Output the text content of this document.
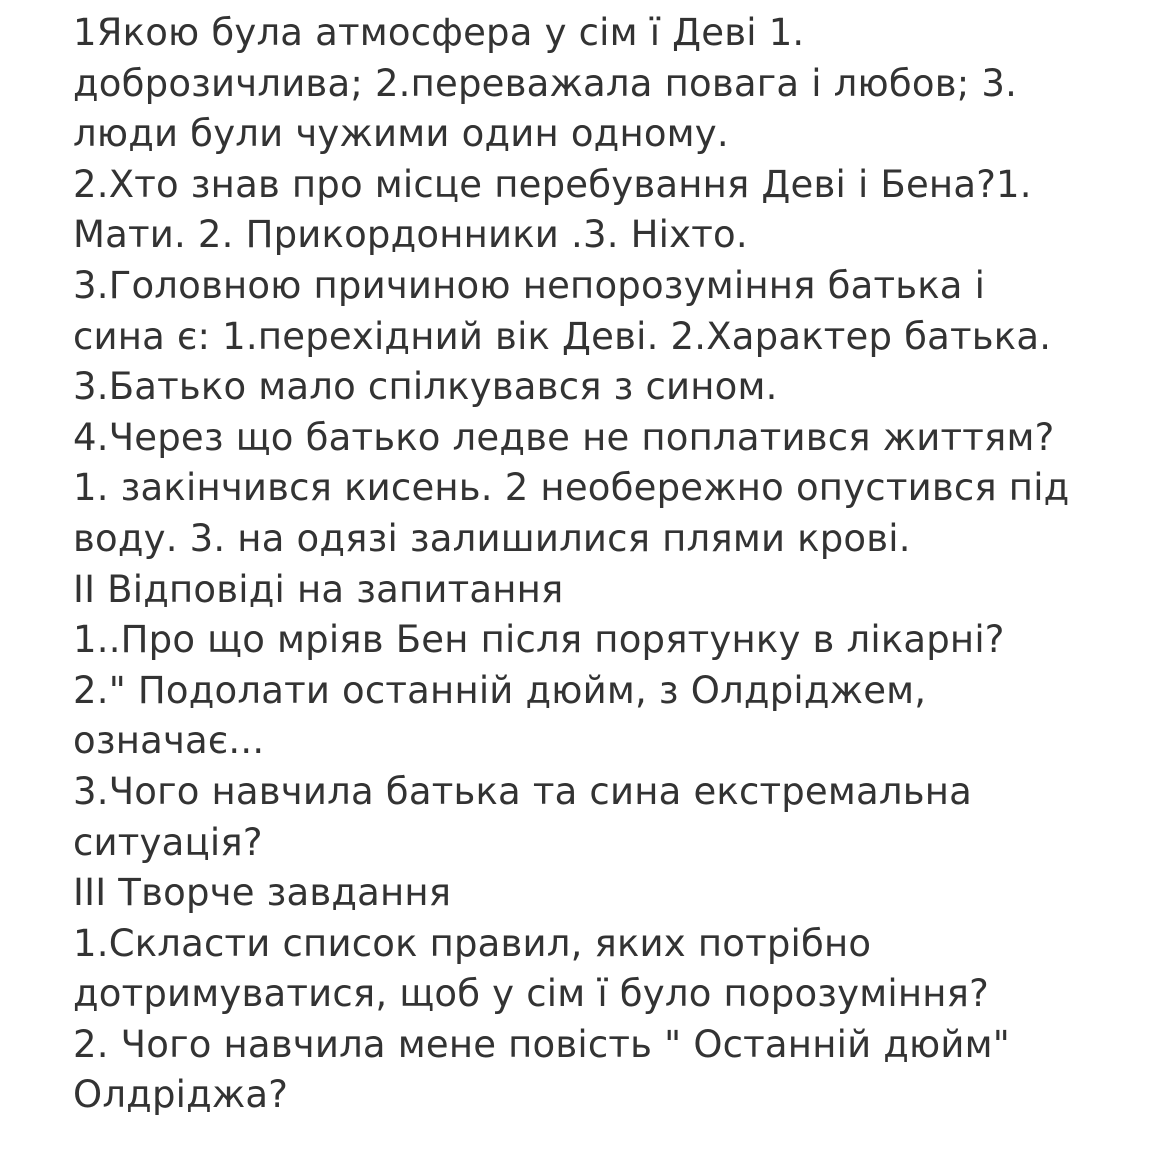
1Якою була атмосфера у сім ї Деві 1.
доброзичлива; 2.переважала повага і любов; 3.
люди були чужими один одному.
2.Хто знав про місце перебування Деві і Бена?1.
Мати. 2. Прикордонники .3. Ніхто.
3.Головною причиною непорозуміння батька і
сина є: 1.перехідний вік Деві. 2.Характер батька.
3.Батько мало спілкувався з сином.
4.Через що батько ледве не поплатився життям?
1. закінчився кисень. 2 необережно опустився під
воду. 3. на одязі залишилися плями крові.
ІІ Відповіді на запитання
1..Про що мріяв Бен після порятунку в лікарні?
2." Подолати останній дюйм, з Олдріджем,
означає...
3.Чого навчила батька та сина екстремальна
ситуація?
ІІІ Творче завдання
1.Скласти список правил, яких потрібно
дотримуватися, щоб у сім ї було порозуміння?
2. Чого навчила мене повість " Останній дюйм"
Олдріджа?
